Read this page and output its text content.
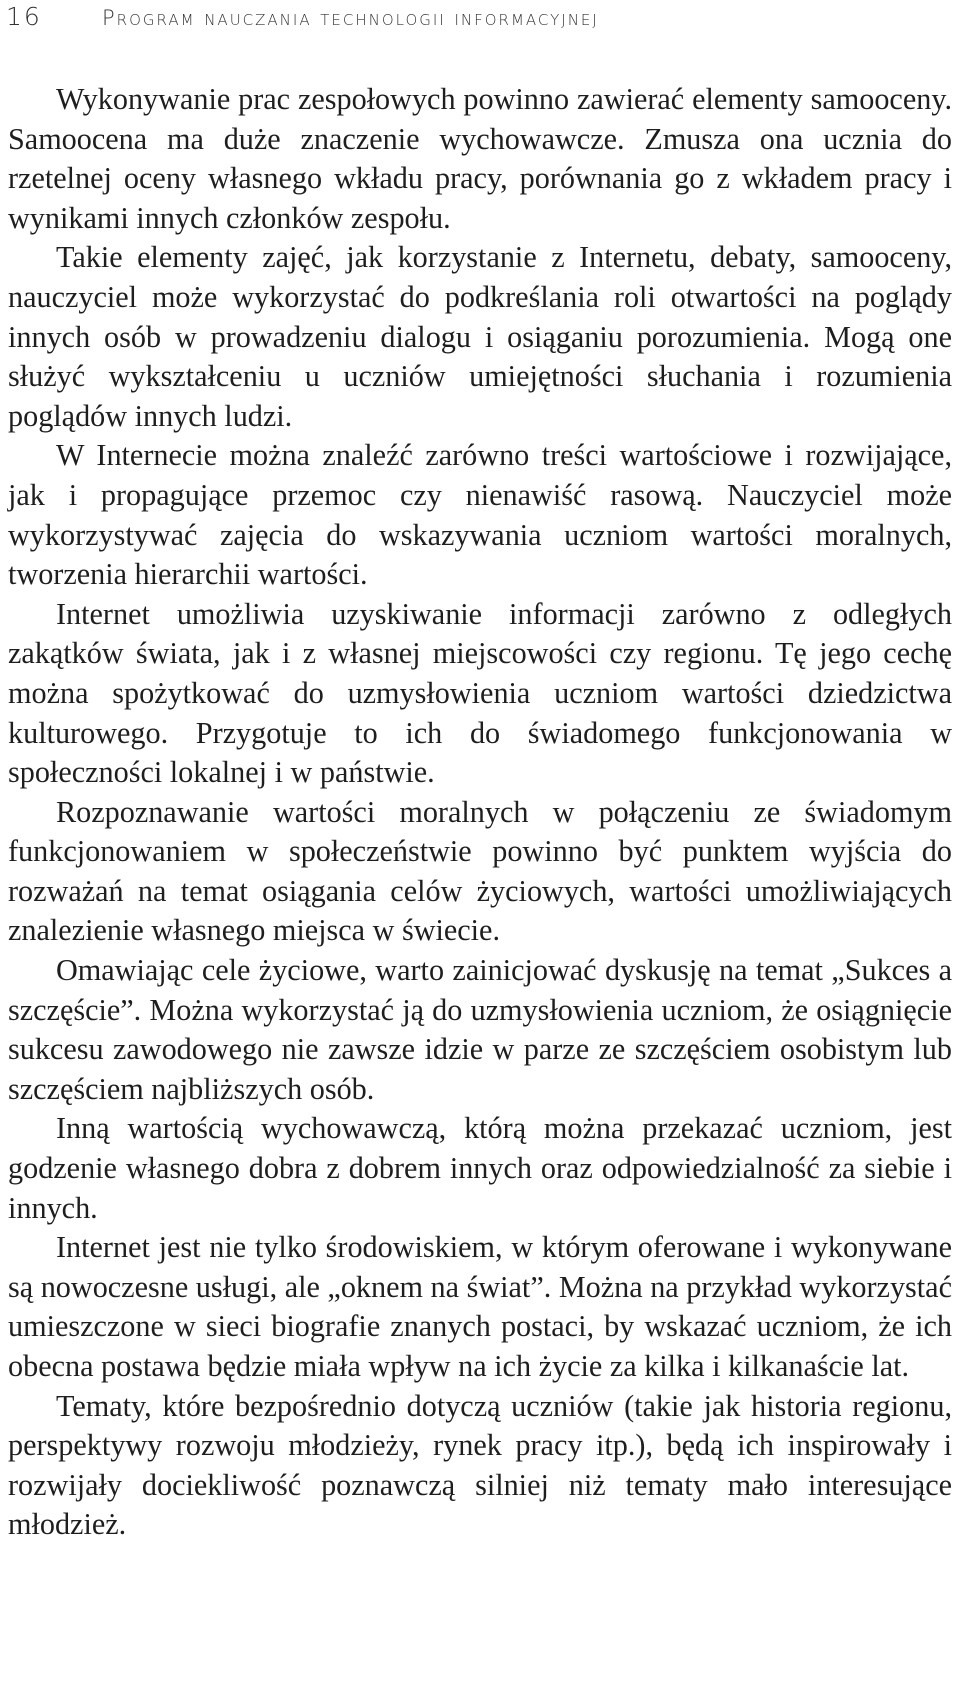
16	Program nauczania technologii informacyjnej

Wykonywanie prac zespołowych powinno zawierać elementy samooceny. Samoocena ma duże znaczenie wychowawcze. Zmusza ona ucznia do rzetelnej oceny własnego wkładu pracy, porównania go z wkładem pracy i wynikami innych członków zespołu.

Takie elementy zajęć, jak korzystanie z Internetu, debaty, samooceny, nauczyciel może wykorzystać do podkreślania roli otwartości na poglądy innych osób w prowadzeniu dialogu i osiąganiu porozumienia. Mogą one służyć wykształceniu u uczniów umiejętności słuchania i rozumienia poglądów innych ludzi.

W Internecie można znaleźć zarówno treści wartościowe i rozwijające, jak i propagujące przemoc czy nienawiść rasową. Nauczyciel może wykorzystywać zajęcia do wskazywania uczniom wartości moralnych, tworzenia hierarchii wartości.

Internet umożliwia uzyskiwanie informacji zarówno z odległych zakątków świata, jak i z własnej miejscowości czy regionu. Tę jego cechę można spożytkować do uzmysłowienia uczniom wartości dziedzictwa kulturowego. Przygotuje to ich do świadomego funkcjonowania w społeczności lokalnej i w państwie.

Rozpoznawanie wartości moralnych w połączeniu ze świadomym funkcjonowaniem w społeczeństwie powinno być punktem wyjścia do rozważań na temat osiągania celów życiowych, wartości umożliwiających znalezienie własnego miejsca w świecie.

Omawiając cele życiowe, warto zainicjować dyskusję na temat „Sukces a szczęście”. Można wykorzystać ją do uzmysłowienia uczniom, że osiągnięcie sukcesu zawodowego nie zawsze idzie w parze ze szczęściem osobistym lub szczęściem najbliższych osób.

Inną wartością wychowawczą, którą można przekazać uczniom, jest godzenie własnego dobra z dobrem innych oraz odpowiedzialność za siebie i innych.

Internet jest nie tylko środowiskiem, w którym oferowane i wykonywane są nowoczesne usługi, ale „oknem na świat”. Można na przykład wykorzystać umieszczone w sieci biografie znanych postaci, by wskazać uczniom, że ich obecna postawa będzie miała wpływ na ich życie za kilka i kilkanaście lat.

Tematy, które bezpośrednio dotyczą uczniów (takie jak historia regionu, perspektywy rozwoju młodzieży, rynek pracy itp.), będą ich inspirowały i rozwijały dociekliwość poznawczą silniej niż tematy mało interesujące młodzież.
